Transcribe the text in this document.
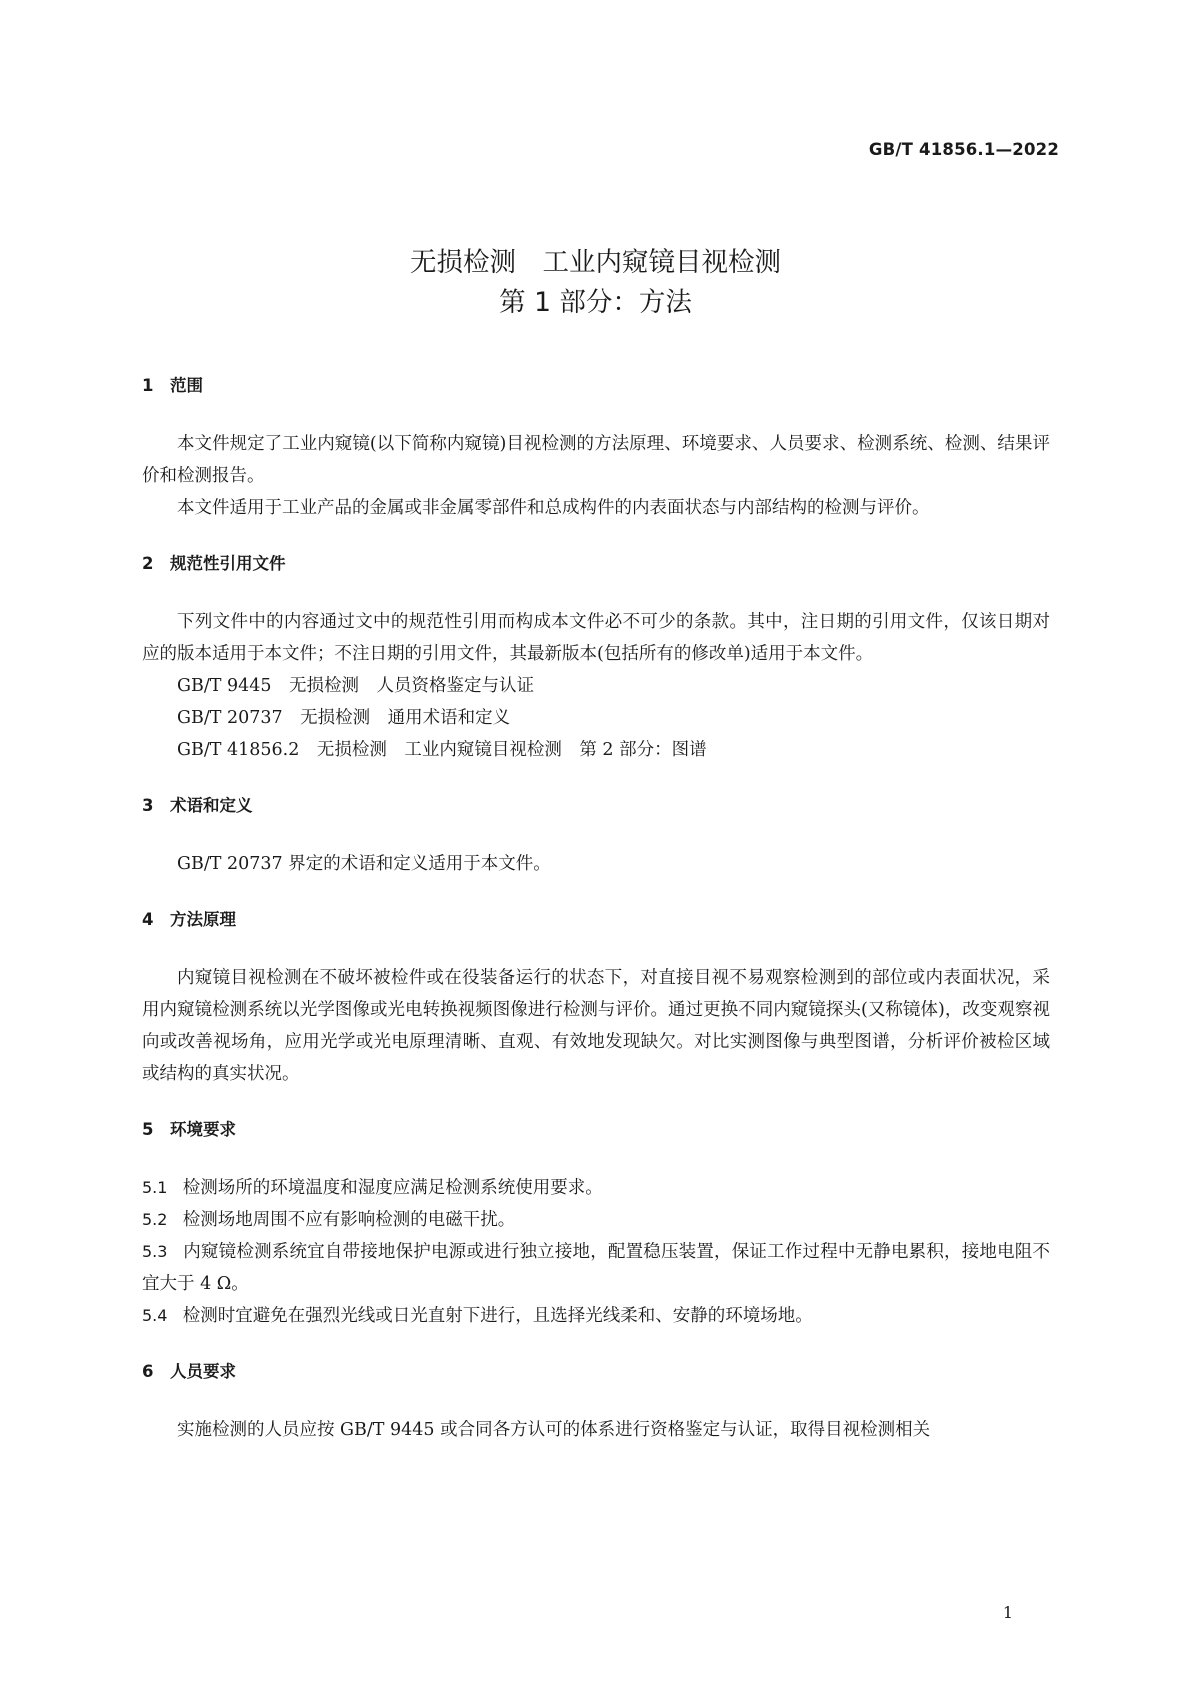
GB/T 41856.1—2022
无损检测　工业内窥镜目视检测
第 1 部分：方法
1　范围

本文件规定了工业内窥镜(以下简称内窥镜)目视检测的方法原理、环境要求、人员要求、检测系统、检测、结果评价和检测报告。

本文件适用于工业产品的金属或非金属零部件和总成构件的内表面状态与内部结构的检测与评价。

2　规范性引用文件

下列文件中的内容通过文中的规范性引用而构成本文件必不可少的条款。其中，注日期的引用文件，仅该日期对应的版本适用于本文件；不注日期的引用文件，其最新版本(包括所有的修改单)适用于本文件。

GB/T 9445　无损检测　人员资格鉴定与认证
GB/T 20737　无损检测　通用术语和定义
GB/T 41856.2　无损检测　工业内窥镜目视检测　第 2 部分：图谱
3　术语和定义

GB/T 20737 界定的术语和定义适用于本文件。

4　方法原理

内窥镜目视检测在不破坏被检件或在役装备运行的状态下，对直接目视不易观察检测到的部位或内表面状况，采用内窥镜检测系统以光学图像或光电转换视频图像进行检测与评价。通过更换不同内窥镜探头(又称镜体)，改变观察视向或改善视场角，应用光学或光电原理清晰、直观、有效地发现缺欠。对比实测图像与典型图谱，分析评价被检区域或结构的真实状况。

5　环境要求
5.1 检测场所的环境温度和湿度应满足检测系统使用要求。
5.2 检测场地周围不应有影响检测的电磁干扰。
5.3 内窥镜检测系统宜自带接地保护电源或进行独立接地，配置稳压装置，保证工作过程中无静电累积，接地电阻不宜大于 4 Ω。
5.4 检测时宜避免在强烈光线或日光直射下进行，且选择光线柔和、安静的环境场地。
6　人员要求

实施检测的人员应按 GB/T 9445 或合同各方认可的体系进行资格鉴定与认证，取得目视检测相关

1
